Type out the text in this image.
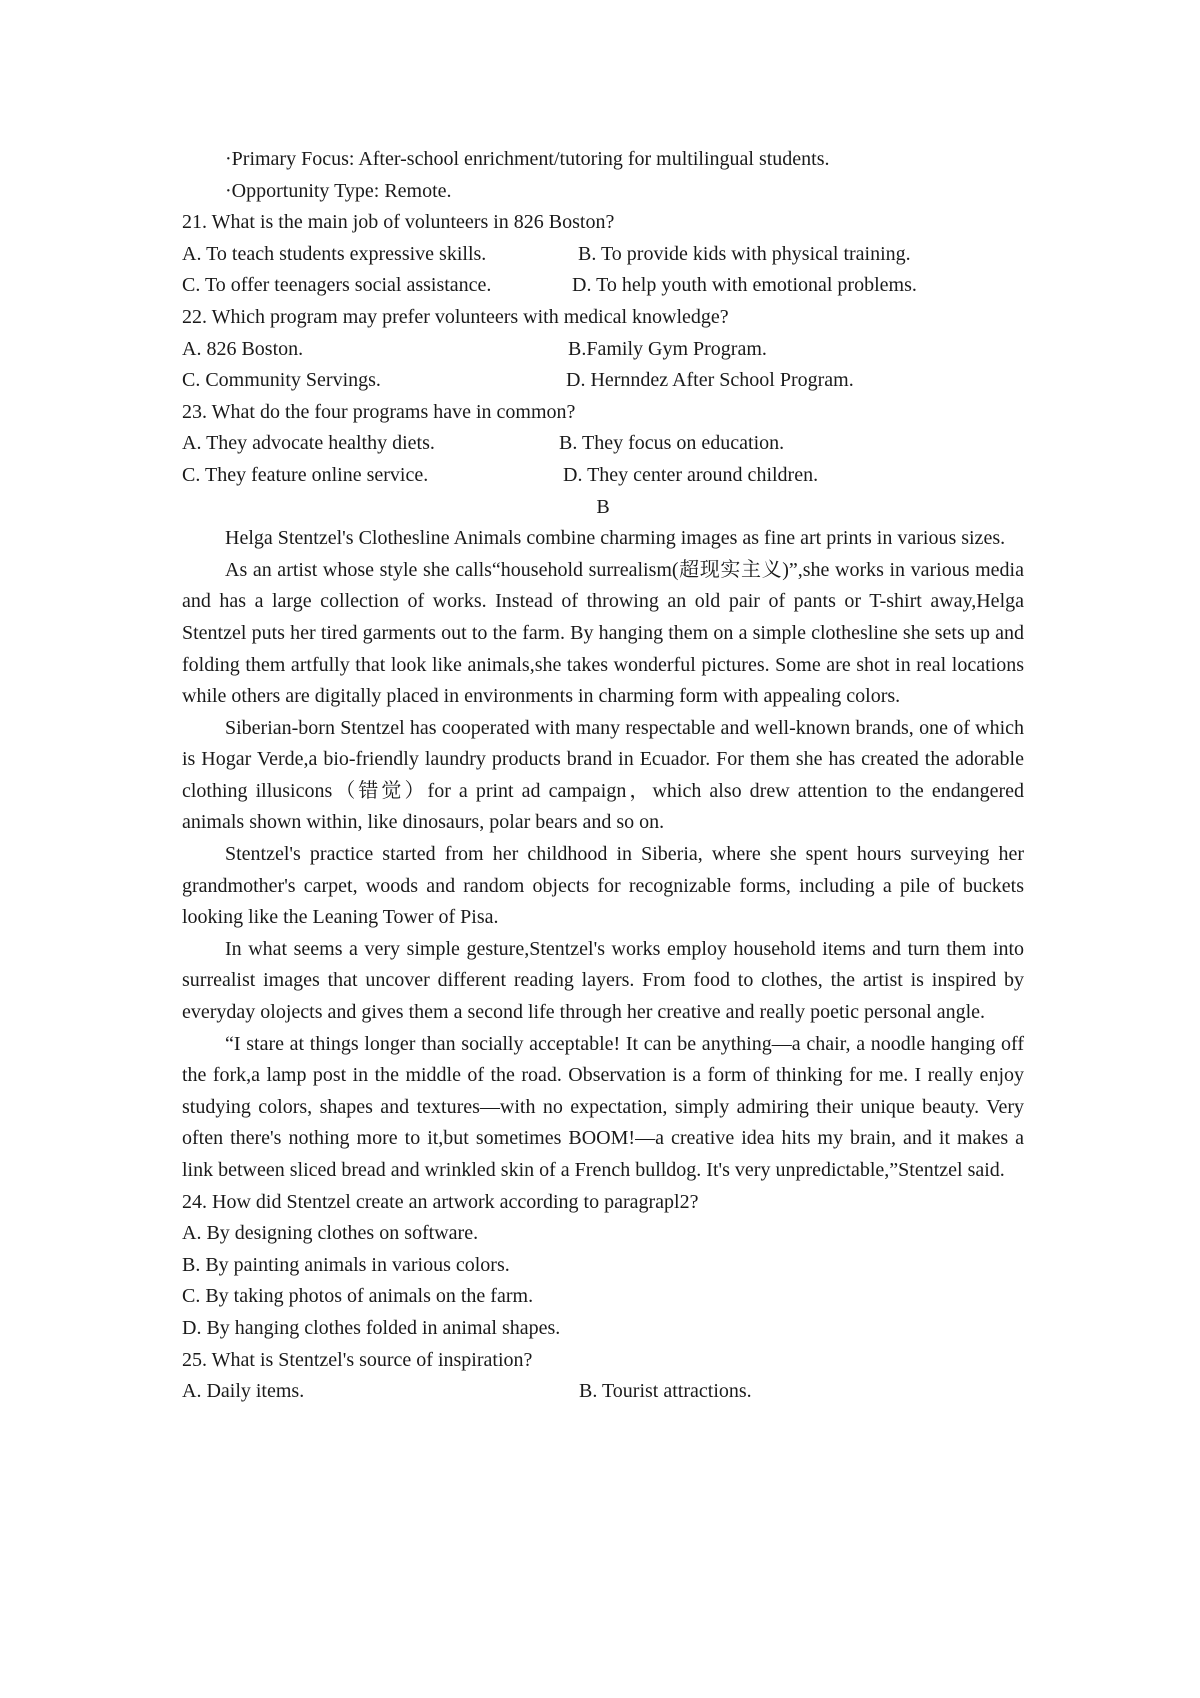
·Primary Focus: After-school enrichment/tutoring for multilingual students.
·Opportunity Type: Remote.
21. What is the main job of volunteers in 826 Boston?
A. To teach students expressive skills.	B. To provide kids with physical training.
C. To offer teenagers social assistance.	D. To help youth with emotional problems.
22. Which program may prefer volunteers with medical knowledge?
A. 826 Boston.	B.Family Gym Program.
C. Community Servings.	D. Hernndez After School Program.
23. What do the four programs have in common?
A. They advocate healthy diets.	B. They focus on education.
C. They feature online service.	D. They center around children.
B

Helga Stentzel's Clothesline Animals combine charming images as fine art prints in various sizes.

As an artist whose style she calls“household surrealism(超现实主义)”,she works in various media and has a large collection of works. Instead of throwing an old pair of pants or T-shirt away,Helga Stentzel puts her tired garments out to the farm. By hanging them on a simple clothesline she sets up and folding them artfully that look like animals,she takes wonderful pictures. Some are shot in real locations while others are digitally placed in environments in charming form with appealing colors.

Siberian-born Stentzel has cooperated with many respectable and well-known brands, one of which is Hogar Verde,a bio-friendly laundry products brand in Ecuador. For them she has created the adorable clothing illusicons（错觉）for a print ad campaign，which also drew attention to the endangered animals shown within, like dinosaurs, polar bears and so on.

Stentzel's practice started from her childhood in Siberia, where she spent hours surveying her grandmother's carpet, woods and random objects for recognizable forms, including a pile of buckets looking like the Leaning Tower of Pisa.

In what seems a very simple gesture,Stentzel's works employ household items and turn them into surrealist images that uncover different reading layers. From food to clothes, the artist is inspired by everyday olojects and gives them a second life through her creative and really poetic personal angle.

“I stare at things longer than socially acceptable! It can be anything—a chair, a noodle hanging off the fork,a lamp post in the middle of the road. Observation is a form of thinking for me. I really enjoy studying colors, shapes and textures—with no expectation, simply admiring their unique beauty. Very often there's nothing more to it,but sometimes BOOM!—a creative idea hits my brain, and it makes a link between sliced bread and wrinkled skin of a French bulldog. It's very unpredictable,”Stentzel said.

24. How did Stentzel create an artwork according to paragrapl2?
A. By designing clothes on software.
B. By painting animals in various colors.
C. By taking photos of animals on the farm.
D. By hanging clothes folded in animal shapes.
25. What is Stentzel's source of inspiration?
A. Daily items.	B. Tourist attractions.
